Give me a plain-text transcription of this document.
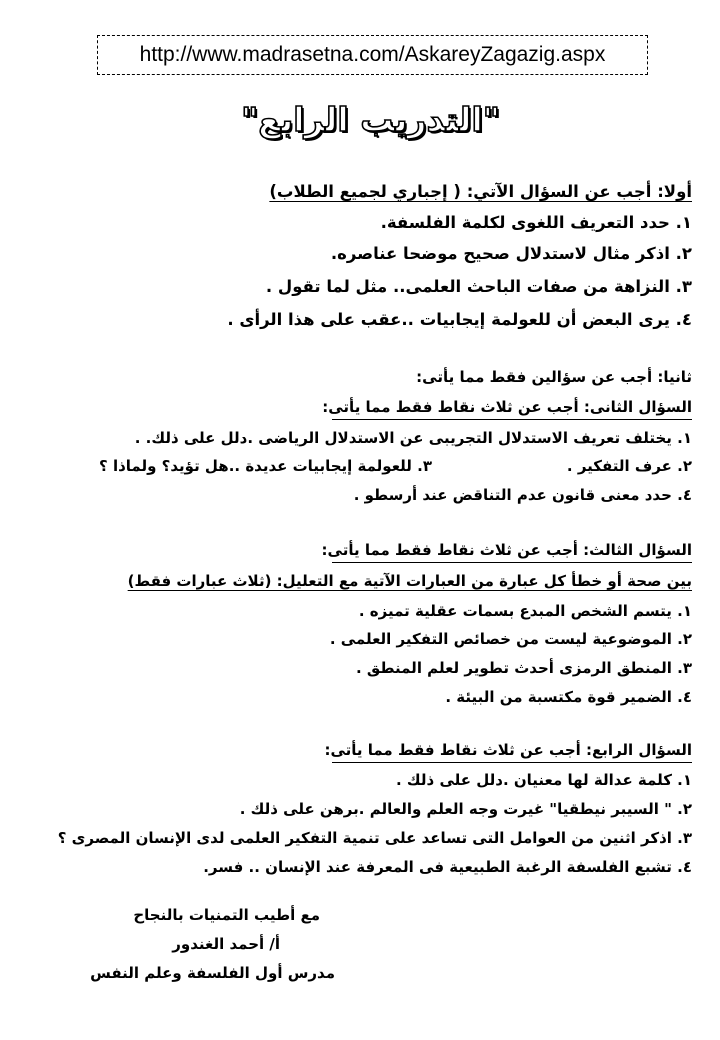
http://www.madrasetna.com/AskareyZagazig.aspx
"التدريب الرابع"
أولا: أجب عن السؤال الآتي: ( إجباري لجميع الطلاب)
١. حدد التعريف اللغوى لكلمة الفلسفة.
٢. اذكر مثال لاستدلال صحيح موضحا عناصره.
٣. النزاهة من صفات الباحث العلمى.. مثل لما تقول .
٤. يرى البعض أن للعولمة إيجابيات ..عقب على هذا الرأى .
ثانيا: أجب عن سؤالين فقط مما يأتى:
السؤال الثانى: أجب عن ثلاث نقاط فقط مما يأتى:
١. يختلف تعريف الاستدلال التجريبى عن الاستدلال الرياضى .دلل على ذلك. .
٢. عرف التفكير .
٣. للعولمة إيجابيات عديدة ..هل تؤيد؟ ولماذا ؟
٤. حدد معنى قانون عدم التناقض عند أرسطو .
السؤال الثالث: أجب عن ثلاث نقاط فقط مما يأتى:
بين صحة أو خطأ كل عبارة من العبارات الآتية مع التعليل: (ثلاث عبارات فقط)
١. يتسم الشخص المبدع بسمات عقلية تميزه .
٢. الموضوعية ليست من خصائص التفكير العلمى .
٣. المنطق الرمزى أحدث تطوير لعلم المنطق .
٤. الضمير قوة مكتسبة من البيئة .
السؤال الرابع: أجب عن ثلاث نقاط فقط مما يأتى:
١. كلمة عدالة لها معنيان .دلل على ذلك .
٢. " السيبر نيطقيا" غيرت وجه العلم والعالم .برهن على ذلك .
٣. اذكر اثنين من العوامل التى تساعد على تنمية التفكير العلمى لدى الإنسان المصرى ؟
٤. تشبع الفلسفة الرغبة الطبيعية فى المعرفة عند الإنسان .. فسر.
مع أطيب التمنيات بالنجاح
أ/ أحمد الغندور
مدرس أول الفلسفة وعلم النفس
